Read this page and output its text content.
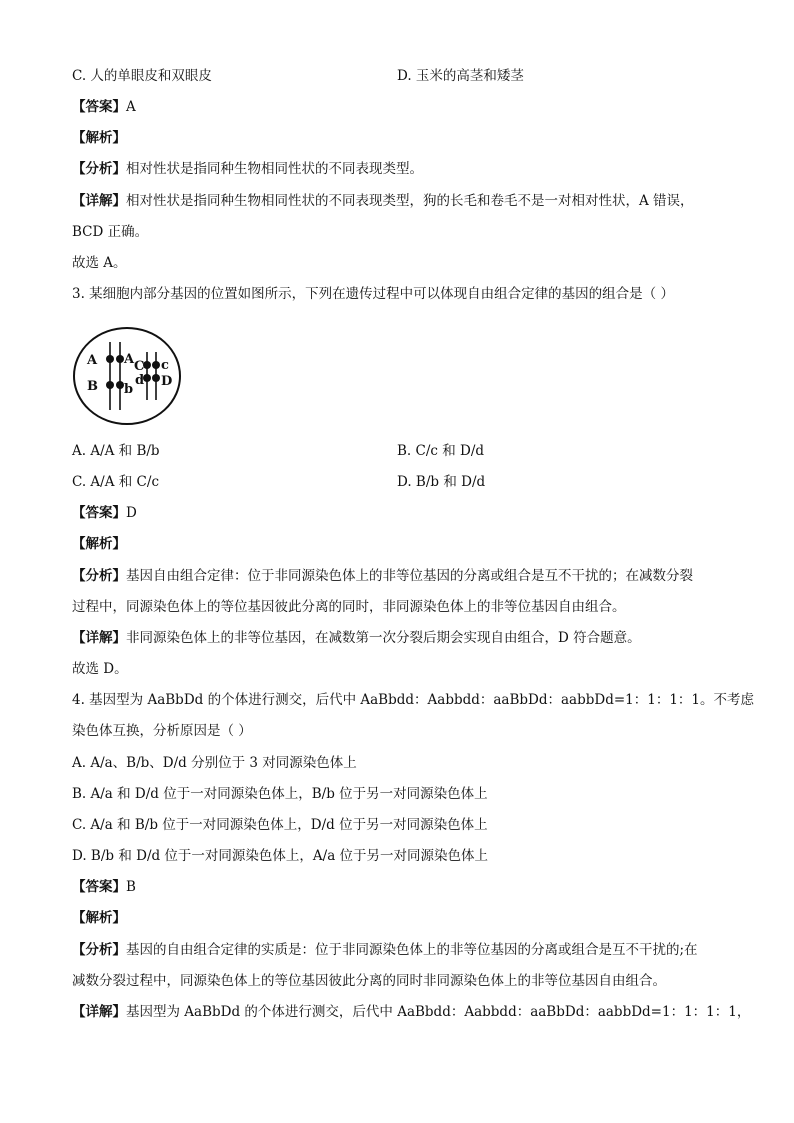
C. 人的单眼皮和双眼皮	D. 玉米的高茎和矮茎
【答案】A
【解析】
【分析】相对性状是指同种生物相同性状的不同表现类型。
【详解】相对性状是指同种生物相同性状的不同表现类型，狗的长毛和卷毛不是一对相对性状，A 错误，
BCD 正确。
故选 A。
3. 某细胞内部分基因的位置如图所示，下列在遗传过程中可以体现自由组合定律的基因的组合是（ ）
A A
B b
C c
d D
A. A/A 和 B/b	B. C/c 和 D/d
C. A/A 和 C/c	D. B/b 和 D/d
【答案】D
【解析】
【分析】基因自由组合定律：位于非同源染色体上的非等位基因的分离或组合是互不干扰的；在减数分裂
过程中，同源染色体上的等位基因彼此分离的同时，非同源染色体上的非等位基因自由组合。
【详解】非同源染色体上的非等位基因，在减数第一次分裂后期会实现自由组合，D 符合题意。
故选 D。
4. 基因型为 AaBbDd 的个体进行测交，后代中 AaBbdd：Aabbdd：aaBbDd：aabbDd=1：1：1：1。不考虑
染色体互换，分析原因是（ ）
A. A/a、B/b、D/d 分别位于 3 对同源染色体上
B. A/a 和 D/d 位于一对同源染色体上，B/b 位于另一对同源染色体上
C. A/a 和 B/b 位于一对同源染色体上，D/d 位于另一对同源染色体上
D. B/b 和 D/d 位于一对同源染色体上，A/a 位于另一对同源染色体上
【答案】B
【解析】
【分析】基因的自由组合定律的实质是：位于非同源染色体上的非等位基因的分离或组合是互不干扰的;在
减数分裂过程中，同源染色体上的等位基因彼此分离的同时非同源染色体上的非等位基因自由组合。
【详解】基因型为 AaBbDd 的个体进行测交，后代中 AaBbdd：Aabbdd：aaBbDd：aabbDd=1：1：1：1，
